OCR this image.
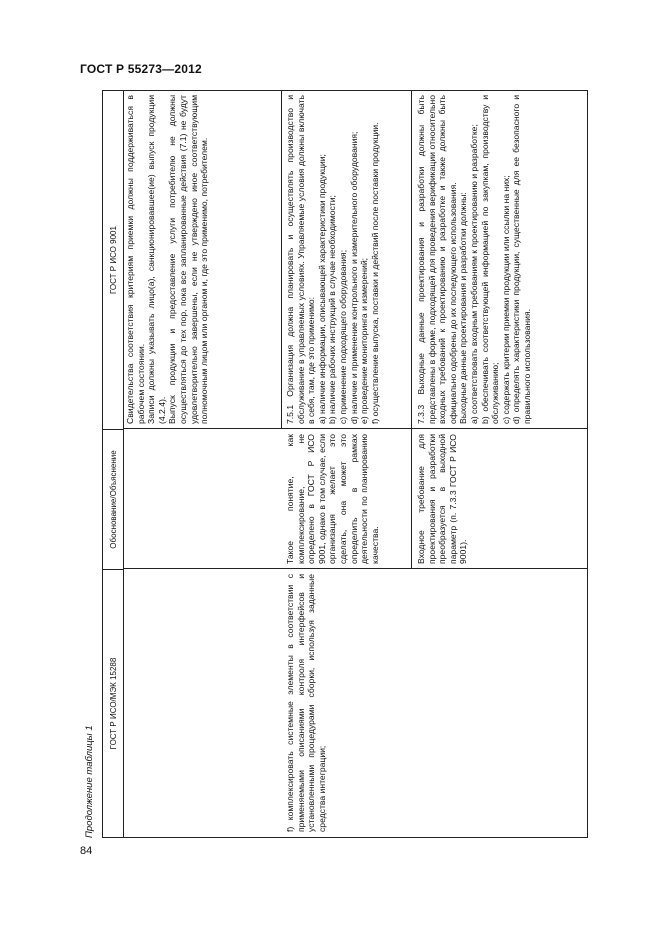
ГОСТ Р 55273—2012
84
Продолжение таблицы 1
ГОСТ Р ИСО/МЭК 15288
Обоснование/Объяснение
ГОСТ Р ИСО 9001 Свидетельства соответствия критериям приемки должны поддерживаться в рабочем состоянии. Записи должны указывать лицо(а), санкционировавшее(ие) выпуск продукции (4.2.4). Выпуск продукции и предоставление услуги потребителю не должны осуществляться до тех пор, пока все запланированные действия (7.1) не будут удовлетворительно завершены, если не утверждено иное соответствующим полномочным лицом или органом и, где это применимо, потребителем.

f) комплексировать системные элементы в соответствии с применяемыми описаниями контроля интерфейсов и установленными процедурами сборки, используя заданные средства интеграции;

Такое понятие, как комплексирование, не определено в ГОСТ Р ИСО 9001, однако в том случае, если организация желает это сделать, она может это определить в рамках деятельности по планированию качества.

7.5.1 Организация должна планировать и осуществлять производство и обслуживание в управляемых условиях. Управляемые условия должны включать в себя, там, где это применимо: a) наличие информации, описывающей характеристики продукции; b) наличие рабочих инструкций в случае необходимости; c) применение подходящего оборудования; d) наличие и применение контрольного и измерительного оборудования; e) проведение мониторинга и измерений; f) осуществление выпуска, поставки и действий после поставки продукции.

Входное требование для проектирования и разработки преобразуется в выходной параметр (п. 7.3.3 ГОСТ Р ИСО 9001).

7.3.3 Выходные данные проектирования и разработки должны быть представлены в форме, подходящей для проведения верификации относительно входных требований к проектированию и разработке и также должны быть официально одобрены до их последующего использования. Выходные данные проектирования и разработки должны: a) соответствовать входным требованиям к проектированию и разработке; b) обеспечивать соответствующей информацией по закупкам, производству и обслуживанию; c) содержать критерии приемки продукции или ссылки на них; d) определять характеристики продукции, существенные для ее безопасного и правильного использования.
